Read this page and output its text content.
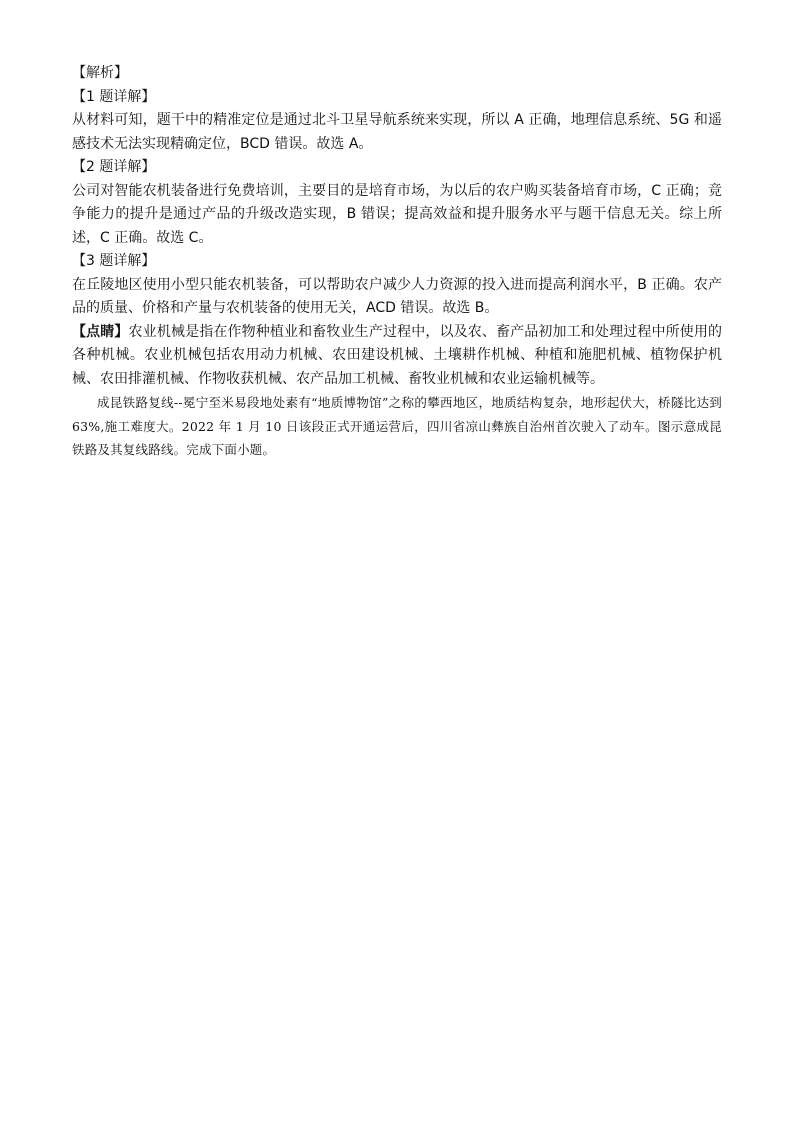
【解析】

【1 题详解】

从材料可知，题干中的精准定位是通过北斗卫星导航系统来实现，所以 A 正确，地理信息系统、5G 和遥感技术无法实现精确定位，BCD 错误。故选 A。

【2 题详解】

公司对智能农机装备进行免费培训，主要目的是培育市场，为以后的农户购买装备培育市场，C 正确；竞争能力的提升是通过产品的升级改造实现，B 错误；提高效益和提升服务水平与题干信息无关。综上所述，C 正确。故选 C。

【3 题详解】

在丘陵地区使用小型只能农机装备，可以帮助农户减少人力资源的投入进而提高利润水平，B 正确。农产品的质量、价格和产量与农机装备的使用无关，ACD 错误。故选 B。

【点睛】农业机械是指在作物种植业和畜牧业生产过程中，以及农、畜产品初加工和处理过程中所使用的各种机械。农业机械包括农用动力机械、农田建设机械、土壤耕作机械、种植和施肥机械、植物保护机械、农田排灌机械、作物收获机械、农产品加工机械、畜牧业机械和农业运输机械等。

成昆铁路复线--冕宁至米易段地处素有“地质博物馆”之称的攀西地区，地质结构复杂，地形起伏大，桥隧比达到 63%,施工难度大。2022 年 1 月 10 日该段正式开通运营后，四川省凉山彝族自治州首次驶入了动车。图示意成昆铁路及其复线路线。完成下面小题。
